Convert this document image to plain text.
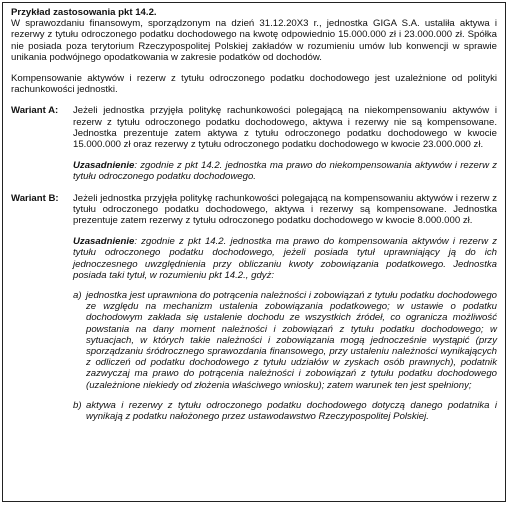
Przykład zastosowania pkt 14.2.

W sprawozdaniu finansowym, sporządzonym na dzień 31.12.20X3 r., jednostka GIGA S.A. ustaliła aktywa i rezerwy z tytułu odroczonego podatku dochodowego na kwotę odpowiednio 15.000.000 zł i 23.000.000 zł. Spółka nie posiada poza terytorium Rzeczypospolitej Polskiej zakładów w rozumieniu umów lub konwencji w sprawie unikania podwójnego opodatkowania w zakresie podatków od dochodów.

Kompensowanie aktywów i rezerw z tytułu odroczonego podatku dochodowego jest uzależnione od polityki rachunkowości jednostki.

Wariant A:	Jeżeli jednostka przyjęła politykę rachunkowości polegającą na niekompensowaniu aktywów i rezerw z tytułu odroczonego podatku dochodowego, aktywa i rezerwy nie są kompensowane. Jednostka prezentuje zatem aktywa z tytułu odroczonego podatku dochodowego w kwocie 15.000.000 zł oraz rezerwy z tytułu odroczonego podatku dochodowego w kwocie 23.000.000 zł.

Uzasadnienie: zgodnie z pkt 14.2. jednostka ma prawo do niekompensowania aktywów i rezerw z tytułu odroczonego podatku dochodowego.

Wariant B:	Jeżeli jednostka przyjęła politykę rachunkowości polegającą na kompensowaniu aktywów i rezerw z tytułu odroczonego podatku dochodowego, aktywa i rezerwy są kompensowane. Jednostka prezentuje zatem rezerwy z tytułu odroczonego podatku dochodowego w kwocie 8.000.000 zł.

Uzasadnienie: zgodnie z pkt 14.2. jednostka ma prawo do kompensowania aktywów i rezerw z tytułu odroczonego podatku dochodowego, jeżeli posiada tytuł uprawniający ją do ich jednoczesnego uwzględnienia przy obliczaniu kwoty zobowiązania podatkowego. Jednostka posiada taki tytuł, w rozumieniu pkt 14.2., gdyż:

a) jednostka jest uprawniona do potrącenia należności i zobowiązań z tytułu podatku dochodowego ze względu na mechanizm ustalenia zobowiązania podatkowego; w ustawie o podatku dochodowym zakłada się ustalenie dochodu ze wszystkich źródeł, co ogranicza możliwość powstania na dany moment należności i zobowiązań z tytułu podatku dochodowego; w sytuacjach, w których takie należności i zobowiązania mogą jednocześnie wystąpić (przy sporządzaniu śródrocznego sprawozdania finansowego, przy ustaleniu należności wynikających z odliczeń od podatku dochodowego z tytułu udziałów w zyskach osób prawnych), podatnik zazwyczaj ma prawo do potrącenia należności i zobowiązań z tytułu podatku dochodowego (uzależnione niekiedy od złożenia właściwego wniosku); zatem warunek ten jest spełniony;
b) aktywa i rezerwy z tytułu odroczonego podatku dochodowego dotyczą danego podatnika i wynikają z podatku nałożonego przez ustawodawstwo Rzeczypospolitej Polskiej.
